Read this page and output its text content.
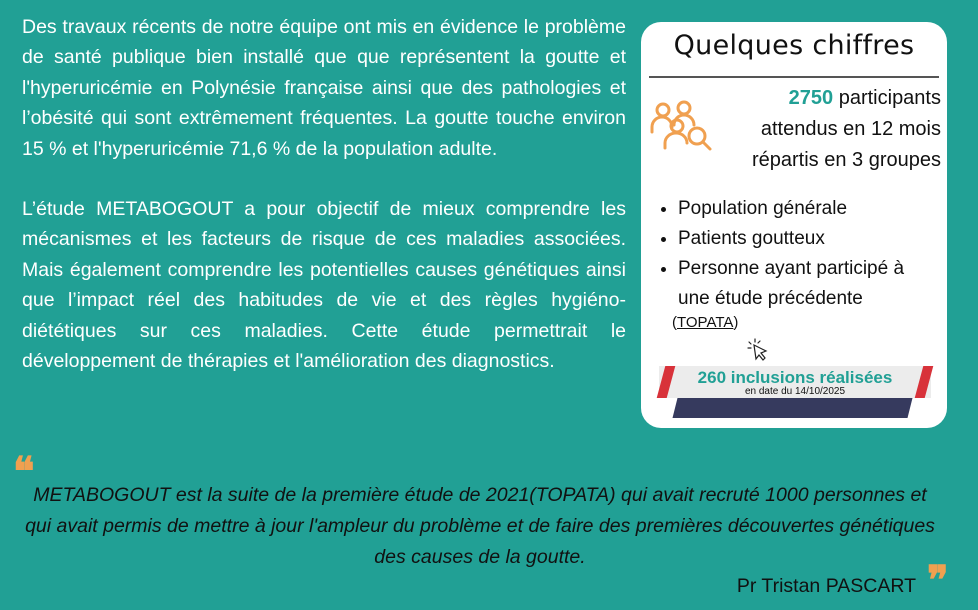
Des travaux récents de notre équipe ont mis en évidence le problème de santé publique bien installé que que représentent la goutte et l'hyperuricémie en Polynésie française ainsi que des pathologies et l’obésité qui sont extrêmement fréquentes. La goutte touche environ 15 % et l'hyperuricémie 71,6 % de la population adulte.

L’étude METABOGOUT a pour objectif de mieux comprendre les mécanismes et les facteurs de risque de ces maladies associées. Mais également comprendre les potentielles causes génétiques ainsi que l’impact réel des habitudes de vie et des règles hygiéno-diététiques sur ces maladies. Cette étude permettrait le développement de thérapies et l'amélioration des diagnostics.

Quelques chiffres
2750 participants
attendus en 12 mois
répartis en 3 groupes
Population générale
Patients goutteux
Personne ayant participé à
une étude précédente
(TOPATA)
260 inclusions réalisées
en date du 14/10/2025
❝
METABOGOUT est la suite de la première étude de 2021(TOPATA) qui avait recruté 1000 personnes et qui avait permis de mettre à jour l'ampleur du problème et de faire des premières découvertes génétiques des causes de la goutte.
Pr Tristan PASCART ❞
